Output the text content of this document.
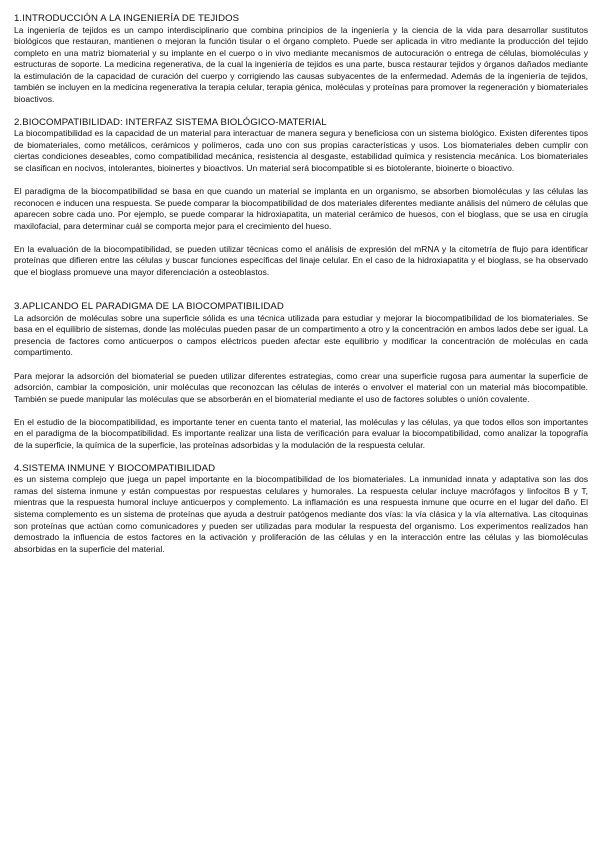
1.INTRODUCCIÓN A LA INGENIERÍA DE TEJIDOS

La ingeniería de tejidos es un campo interdisciplinario que combina principios de la ingeniería y la ciencia de la vida para desarrollar sustitutos biológicos que restauran, mantienen o mejoran la función tisular o el órgano completo. Puede ser aplicada in vitro mediante la producción del tejido completo en una matriz biomaterial y su implante en el cuerpo o in vivo mediante mecanismos de autocuración o entrega de células, biomoléculas y estructuras de soporte. La medicina regenerativa, de la cual la ingeniería de tejidos es una parte, busca restaurar tejidos y órganos dañados mediante la estimulación de la capacidad de curación del cuerpo y corrigiendo las causas subyacentes de la enfermedad. Además de la ingeniería de tejidos, también se incluyen en la medicina regenerativa la terapia celular, terapia génica, moléculas y proteínas para promover la regeneración y biomateriales bioactivos.

2.BIOCOMPATIBILIDAD: INTERFAZ SISTEMA BIOLÓGICO-MATERIAL

La biocompatibilidad es la capacidad de un material para interactuar de manera segura y beneficiosa con un sistema biológico. Existen diferentes tipos de biomateriales, como metálicos, cerámicos y polímeros, cada uno con sus propias características y usos. Los biomateriales deben cumplir con ciertas condiciones deseables, como compatibilidad mecánica, resistencia al desgaste, estabilidad química y resistencia mecánica. Los biomateriales se clasifican en nocivos, intolerantes, bioinertes y bioactivos. Un material será biocompatible si es biotolerante, bioinerte o bioactivo.

El paradigma de la biocompatibilidad se basa en que cuando un material se implanta en un organismo, se absorben biomoléculas y las células las reconocen e inducen una respuesta. Se puede comparar la biocompatibilidad de dos materiales diferentes mediante análisis del número de células que aparecen sobre cada uno. Por ejemplo, se puede comparar la hidroxiapatita, un material cerámico de huesos, con el bioglass, que se usa en cirugía maxilofacial, para determinar cuál se comporta mejor para el crecimiento del hueso.

En la evaluación de la biocompatibilidad, se pueden utilizar técnicas como el análisis de expresión del mRNA y la citometría de flujo para identificar proteínas que difieren entre las células y buscar funciones específicas del linaje celular. En el caso de la hidroxiapatita y el bioglass, se ha observado que el bioglass promueve una mayor diferenciación a osteoblastos.

3.APLICANDO EL PARADIGMA DE LA BIOCOMPATIBILIDAD

La adsorción de moléculas sobre una superficie sólida es una técnica utilizada para estudiar y mejorar la biocompatibilidad de los biomateriales. Se basa en el equilibrio de sistemas, donde las moléculas pueden pasar de un compartimento a otro y la concentración en ambos lados debe ser igual. La presencia de factores como anticuerpos o campos eléctricos pueden afectar este equilibrio y modificar la concentración de moléculas en cada compartimento.

Para mejorar la adsorción del biomaterial se pueden utilizar diferentes estrategias, como crear una superficie rugosa para aumentar la superficie de adsorción, cambiar la composición, unir moléculas que reconozcan las células de interés o envolver el material con un material más biocompatible. También se puede manipular las moléculas que se absorberán en el biomaterial mediante el uso de factores solubles o unión covalente.

En el estudio de la biocompatibilidad, es importante tener en cuenta tanto el material, las moléculas y las células, ya que todos ellos son importantes en el paradigma de la biocompatibilidad. Es importante realizar una lista de verificación para evaluar la biocompatibilidad, como analizar la topografía de la superficie, la química de la superficie, las proteínas adsorbidas y la modulación de la respuesta celular.

4.SISTEMA INMUNE Y BIOCOMPATIBILIDAD

es un sistema complejo que juega un papel importante en la biocompatibilidad de los biomateriales. La inmunidad innata y adaptativa son las dos ramas del sistema inmune y están compuestas por respuestas celulares y humorales. La respuesta celular incluye macrófagos y linfocitos B y T, mientras que la respuesta humoral incluye anticuerpos y complemento. La inflamación es una respuesta inmune que ocurre en el lugar del daño. El sistema complemento es un sistema de proteínas que ayuda a destruir patógenos mediante dos vías: la vía clásica y la vía alternativa. Las citoquinas son proteínas que actúan como comunicadores y pueden ser utilizadas para modular la respuesta del organismo. Los experimentos realizados han demostrado la influencia de estos factores en la activación y proliferación de las células y en la interacción entre las células y las biomoléculas absorbidas en la superficie del material.
